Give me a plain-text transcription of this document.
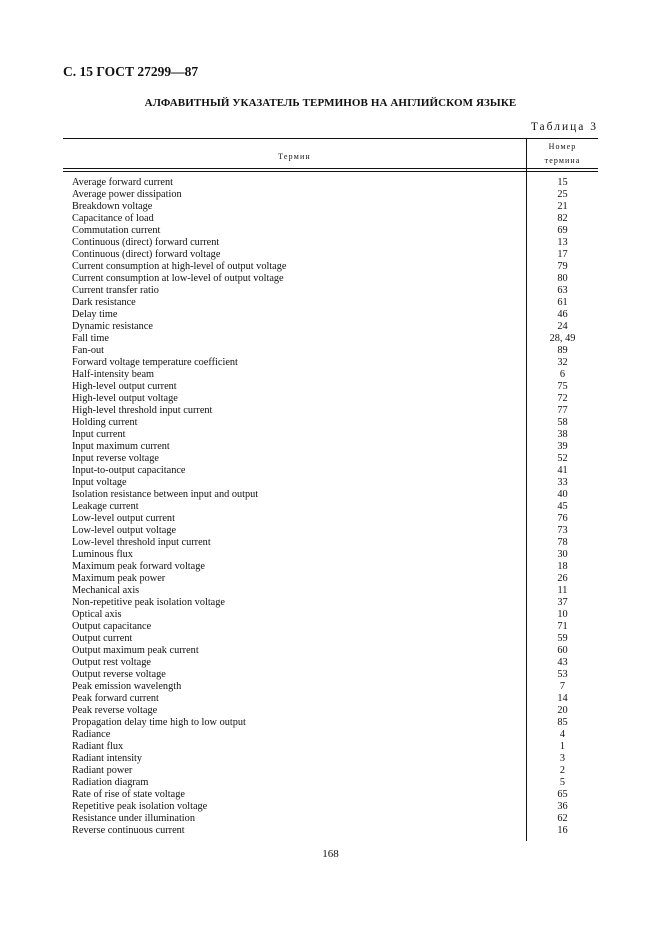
С. 15 ГОСТ 27299—87
АЛФАВИТНЫЙ УКАЗАТЕЛЬ ТЕРМИНОВ НА АНГЛИЙСКОМ ЯЗЫКЕ
Таблица 3
Термин
Номер
термина
Average forward current	15
Average power dissipation	25
Breakdown voltage	21
Capacitance of load	82
Commutation current	69
Continuous (direct) forward current	13
Continuous (direct) forward voltage	17
Current consumption at high-level of output voltage	79
Current consumption at low-level of output voltage	80
Current transfer ratio	63
Dark resistance	61
Delay time	46
Dynamic resistance	24
Fall time	28, 49
Fan-out	89
Forward voltage temperature coefficient	32
Half-intensity beam	6
High-level output current	75
High-level output voltage	72
High-level threshold input current	77
Holding current	58
Input current	38
Input maximum current	39
Input reverse voltage	52
Input-to-output capacitance	41
Input voltage	33
Isolation resistance between input and output	40
Leakage current	45
Low-level output current	76
Low-level output voltage	73
Low-level threshold input current	78
Luminous flux	30
Maximum peak forward voltage	18
Maximum peak power	26
Mechanical axis	11
Non-repetitive peak isolation voltage	37
Optical axis	10
Output capacitance	71
Output current	59
Output maximum peak current	60
Output rest voltage	43
Output reverse voltage	53
Peak emission wavelength	7
Peak forward current	14
Peak reverse voltage	20
Propagation delay time high to low output	85
Radiance	4
Radiant flux	1
Radiant intensity	3
Radiant power	2
Radiation diagram	5
Rate of rise of state voltage	65
Repetitive peak isolation voltage	36
Resistance under illumination	62
Reverse continuous current	16
168
